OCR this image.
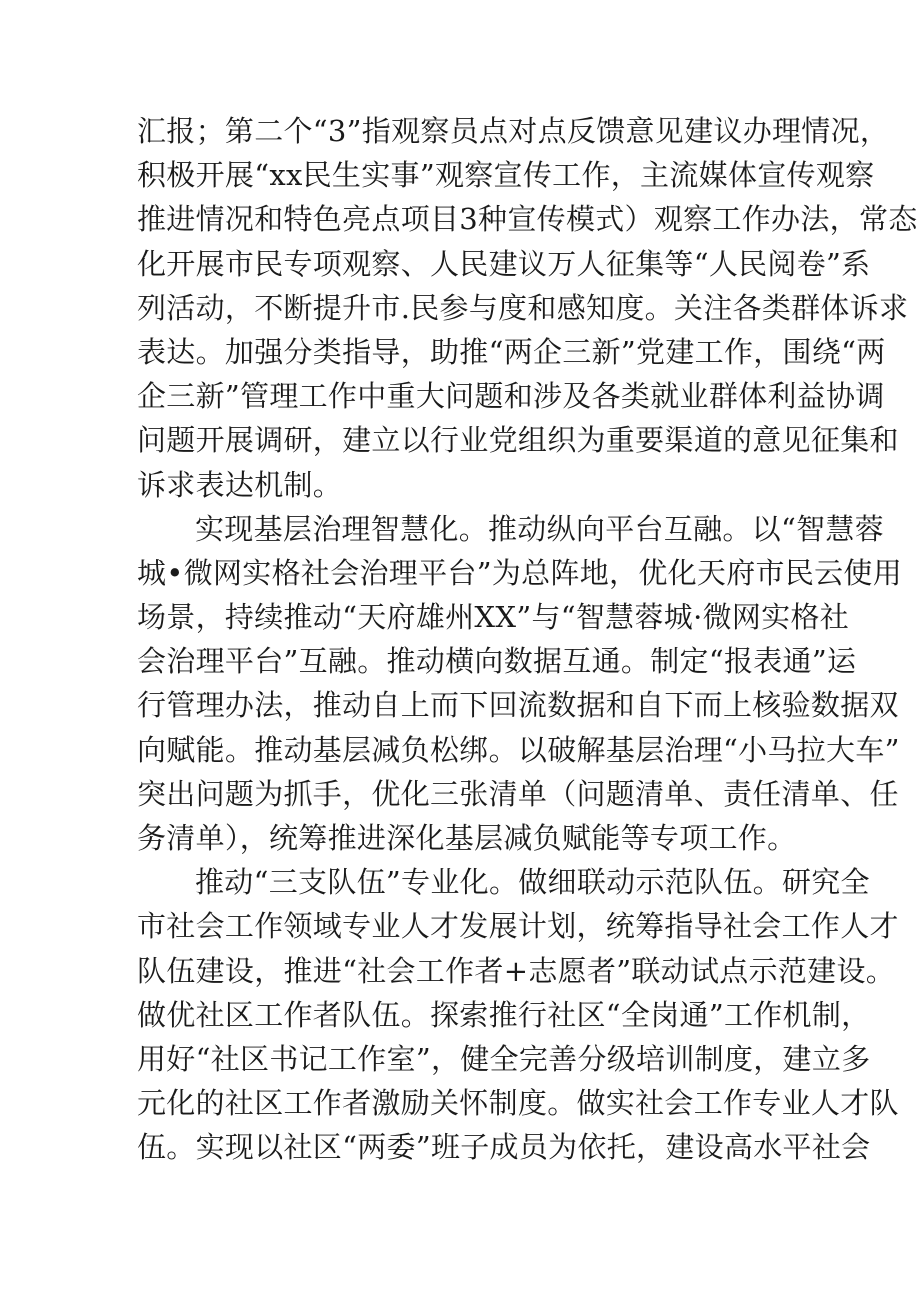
汇报；第二个“3”指观察员点对点反馈意见建议办理情况，
积极开展“xx民生实事”观察宣传工作，主流媒体宣传观察
推进情况和特色亮点项目3种宣传模式）观察工作办法，常态
化开展市民专项观察、人民建议万人征集等“人民阅卷”系
列活动，不断提升市.民参与度和感知度。关注各类群体诉求
表达。加强分类指导，助推“两企三新”党建工作，围绕“两
企三新”管理工作中重大问题和涉及各类就业群体利益协调
问题开展调研，建立以行业党组织为重要渠道的意见征集和
诉求表达机制。
实现基层治理智慧化。推动纵向平台互融。以“智慧蓉
城•微网实格社会治理平台”为总阵地，优化天府市民云使用
场景，持续推动“天府雄州XX”与“智慧蓉城·微网实格社
会治理平台”互融。推动横向数据互通。制定“报表通”运
行管理办法，推动自上而下回流数据和自下而上核验数据双
向赋能。推动基层减负松绑。以破解基层治理“小马拉大车”
突出问题为抓手，优化三张清单（问题清单、责任清单、任
务清单），统筹推进深化基层减负赋能等专项工作。
推动“三支队伍”专业化。做细联动示范队伍。研究全
市社会工作领域专业人才发展计划，统筹指导社会工作人才
队伍建设，推进“社会工作者+志愿者”联动试点示范建设。
做优社区工作者队伍。探索推行社区“全岗通”工作机制，
用好“社区书记工作室”，健全完善分级培训制度，建立多
元化的社区工作者激励关怀制度。做实社会工作专业人才队
伍。实现以社区“两委”班子成员为依托，建设高水平社会
